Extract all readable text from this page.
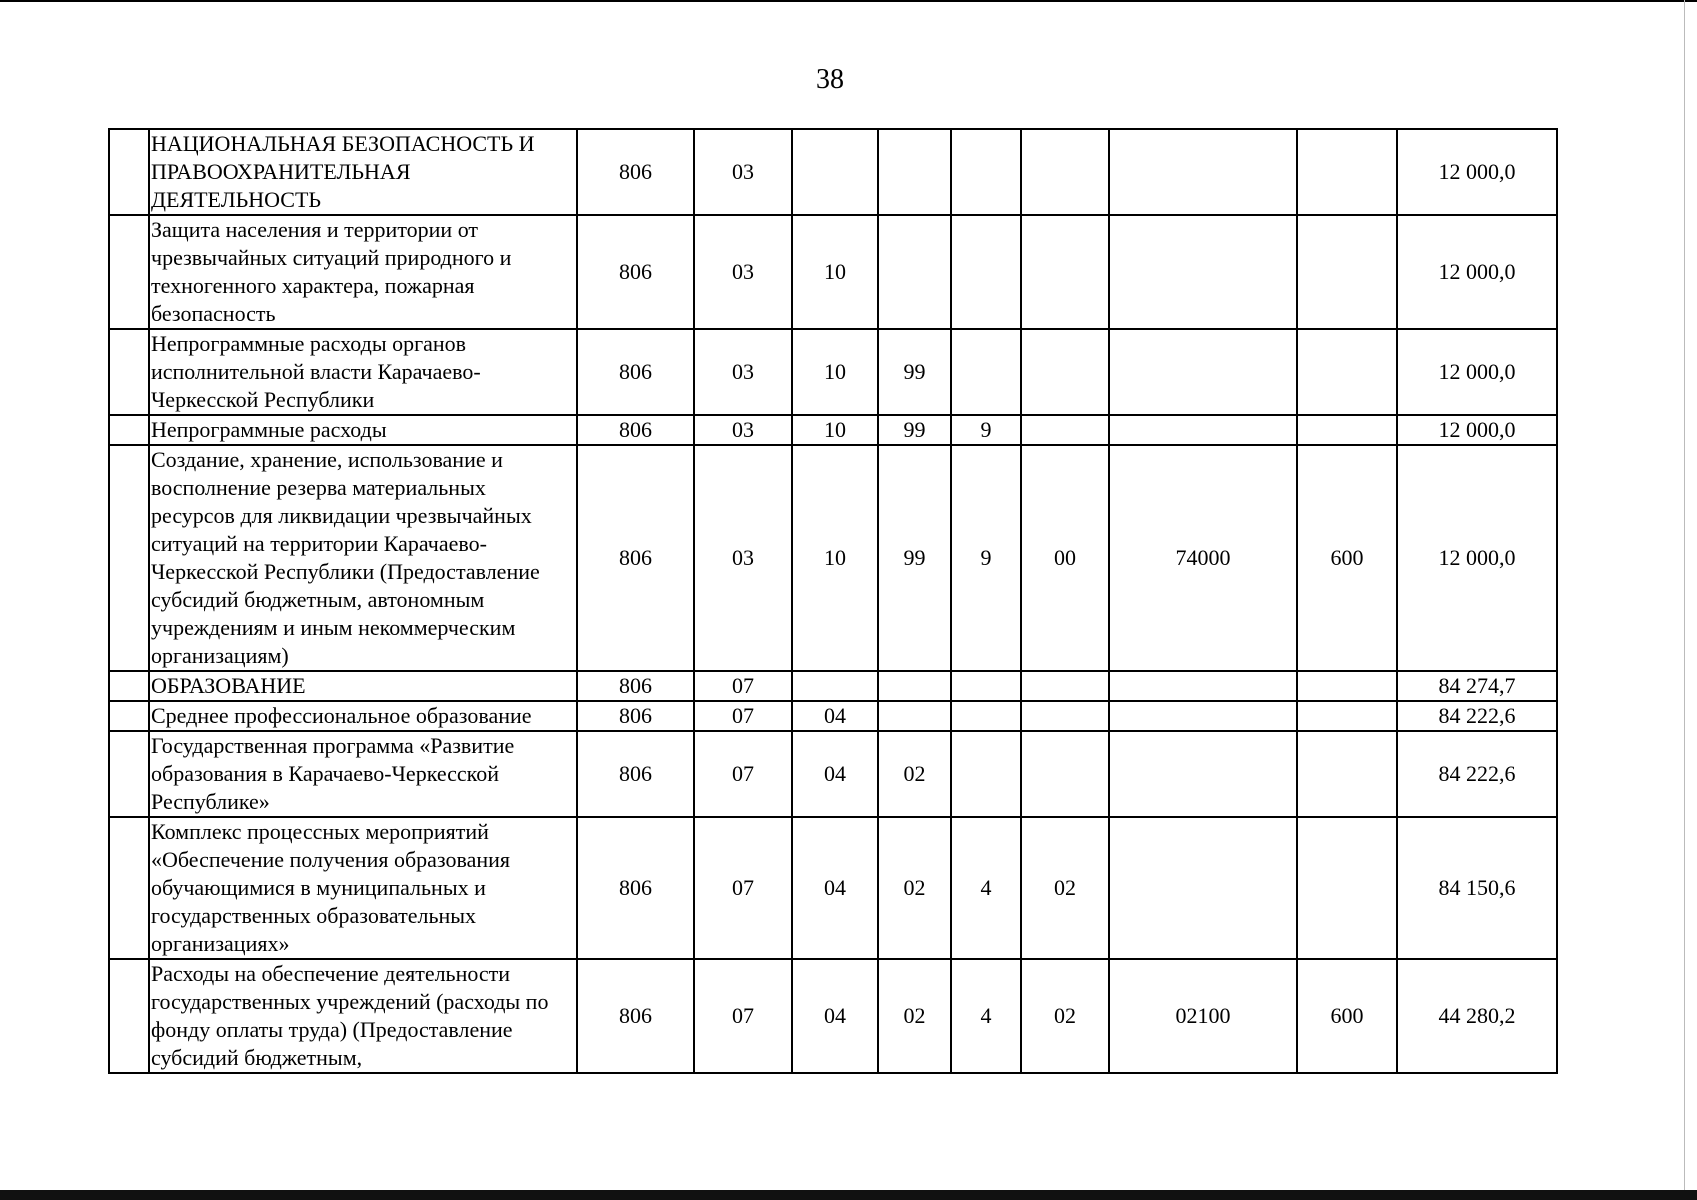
38
	НАЦИОНАЛЬНАЯ БЕЗОПАСНОСТЬ И ПРАВООХРАНИТЕЛЬНАЯ ДЕЯТЕЛЬНОСТЬ	806	03							12 000,0
	Защита населения и территории от чрезвычайных ситуаций природного и техногенного характера, пожарная безопасность	806	03	10						12 000,0
	Непрограммные расходы органов исполнительной власти Карачаево-Черкесской Республики	806	03	10	99					12 000,0
	Непрограммные расходы	806	03	10	99	9				12 000,0
	Создание, хранение, использование и восполнение резерва материальных ресурсов для ликвидации чрезвычайных ситуаций на территории Карачаево-Черкесской Республики (Предоставление субсидий бюджетным, автономным учреждениям и иным некоммерческим организациям)	806	03	10	99	9	00	74000	600	12 000,0
	ОБРАЗОВАНИЕ	806	07							84 274,7
	Среднее профессиональное образование	806	07	04						84 222,6
	Государственная программа «Развитие образования в Карачаево-Черкесской Республике»	806	07	04	02					84 222,6
	Комплекс процессных мероприятий «Обеспечение получения образования обучающимися в муниципальных и государственных образовательных организациях»	806	07	04	02	4	02			84 150,6
	Расходы на обеспечение деятельности государственных учреждений (расходы по фонду оплаты труда) (Предоставление субсидий бюджетным,	806	07	04	02	4	02	02100	600	44 280,2
